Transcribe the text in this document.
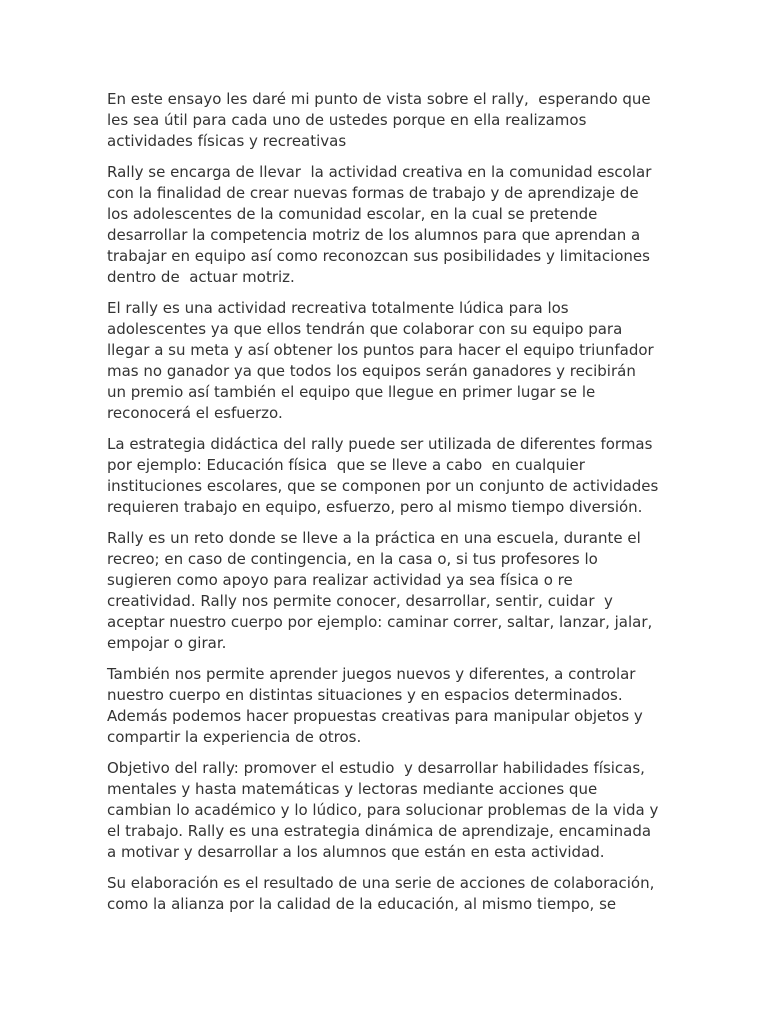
En este ensayo les daré mi punto de vista sobre el rally,  esperando que
les sea útil para cada uno de ustedes porque en ella realizamos
actividades físicas y recreativas
Rally se encarga de llevar  la actividad creativa en la comunidad escolar
con la finalidad de crear nuevas formas de trabajo y de aprendizaje de
los adolescentes de la comunidad escolar, en la cual se pretende
desarrollar la competencia motriz de los alumnos para que aprendan a
trabajar en equipo así como reconozcan sus posibilidades y limitaciones
dentro de  actuar motriz.
El rally es una actividad recreativa totalmente lúdica para los
adolescentes ya que ellos tendrán que colaborar con su equipo para
llegar a su meta y así obtener los puntos para hacer el equipo triunfador
mas no ganador ya que todos los equipos serán ganadores y recibirán
un premio así también el equipo que llegue en primer lugar se le
reconocerá el esfuerzo.
La estrategia didáctica del rally puede ser utilizada de diferentes formas
por ejemplo: Educación física  que se lleve a cabo  en cualquier
instituciones escolares, que se componen por un conjunto de actividades
requieren trabajo en equipo, esfuerzo, pero al mismo tiempo diversión.
Rally es un reto donde se lleve a la práctica en una escuela, durante el
recreo; en caso de contingencia, en la casa o, si tus profesores lo
sugieren como apoyo para realizar actividad ya sea física o re
creatividad. Rally nos permite conocer, desarrollar, sentir, cuidar  y
aceptar nuestro cuerpo por ejemplo: caminar correr, saltar, lanzar, jalar,
empojar o girar.
También nos permite aprender juegos nuevos y diferentes, a controlar
nuestro cuerpo en distintas situaciones y en espacios determinados.
Además podemos hacer propuestas creativas para manipular objetos y
compartir la experiencia de otros.
Objetivo del rally: promover el estudio  y desarrollar habilidades físicas,
mentales y hasta matemáticas y lectoras mediante acciones que
cambian lo académico y lo lúdico, para solucionar problemas de la vida y
el trabajo. Rally es una estrategia dinámica de aprendizaje, encaminada
a motivar y desarrollar a los alumnos que están en esta actividad.
Su elaboración es el resultado de una serie de acciones de colaboración,
como la alianza por la calidad de la educación, al mismo tiempo, se
